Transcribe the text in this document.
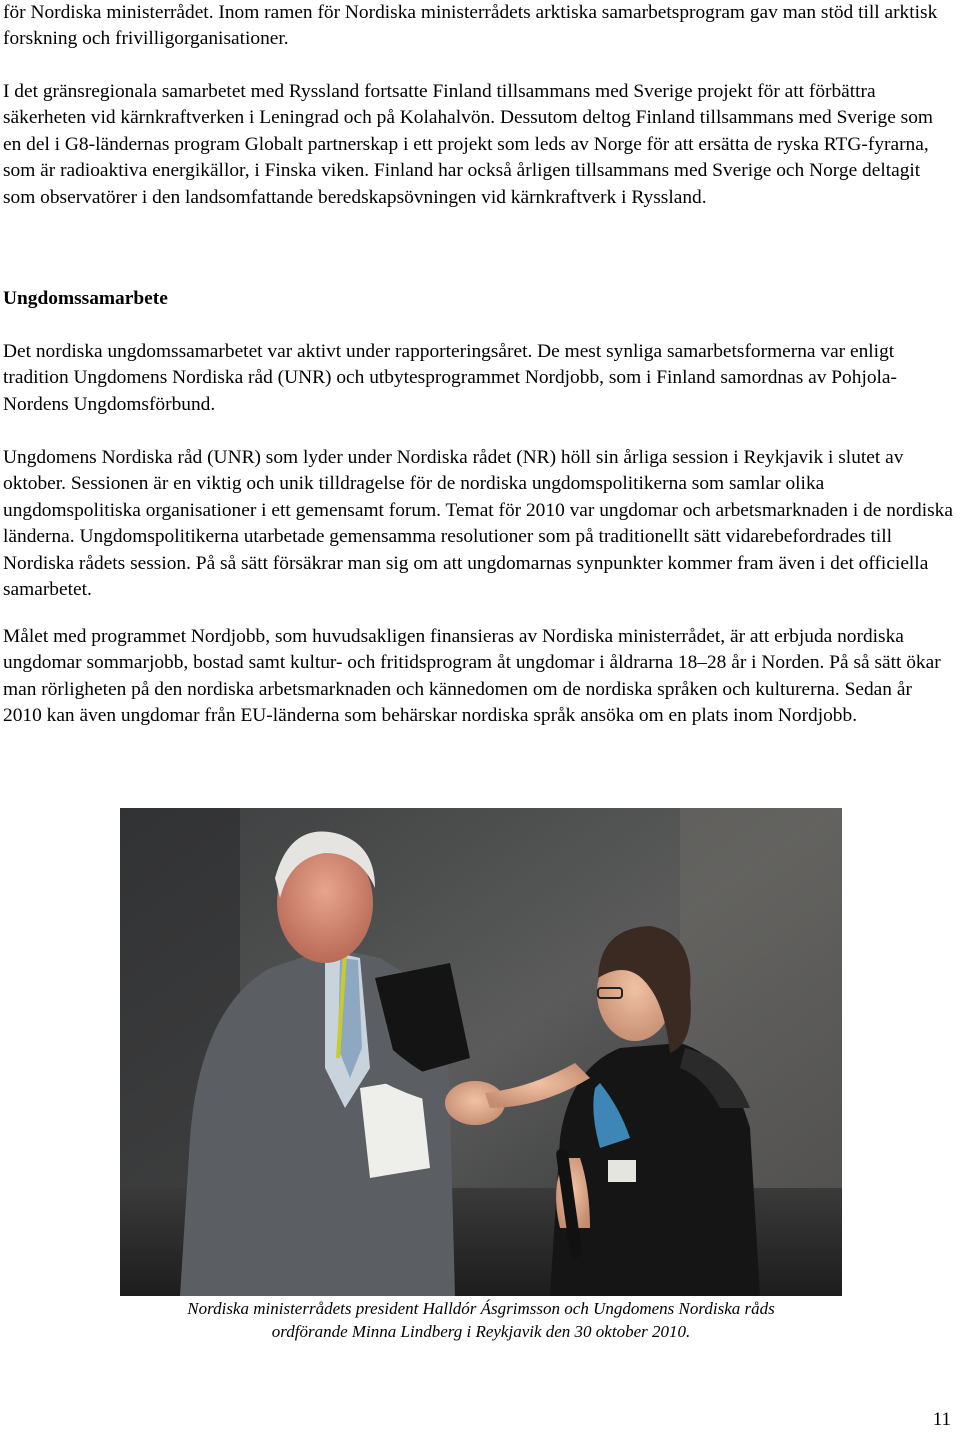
för Nordiska ministerrådet. Inom ramen för Nordiska ministerrådets arktiska samarbetsprogram gav man stöd till arktisk forskning och frivilligorganisationer.

I det gränsregionala samarbetet med Ryssland fortsatte Finland tillsammans med Sverige projekt för att förbättra säkerheten vid kärnkraftverken i Leningrad och på Kolahalvön. Dessutom deltog Finland tillsammans med Sverige som en del i G8-ländernas program Globalt partnerskap i ett projekt som leds av Norge för att ersätta de ryska RTG-fyrarna, som är radioaktiva energikällor, i Finska viken. Finland har också årligen tillsammans med Sverige och Norge deltagit som observatörer i den landsomfattande beredskapsövningen vid kärnkraftverk i Ryssland.

Ungdomssamarbete

Det nordiska ungdomssamarbetet var aktivt under rapporteringsåret. De mest synliga samarbetsformerna var enligt tradition Ungdomens Nordiska råd (UNR) och utbytesprogrammet Nordjobb, som i Finland samordnas av Pohjola-Nordens Ungdomsförbund.

Ungdomens Nordiska råd (UNR) som lyder under Nordiska rådet (NR) höll sin årliga session i Reykjavik i slutet av oktober. Sessionen är en viktig och unik tilldragelse för de nordiska ungdomspolitikerna som samlar olika ungdomspolitiska organisationer i ett gemensamt forum. Temat för 2010 var ungdomar och arbetsmarknaden i de nordiska länderna. Ungdomspolitikerna utarbetade gemensamma resolutioner som på traditionellt sätt vidarebefordrades till Nordiska rådets session. På så sätt försäkrar man sig om att ungdomarnas synpunkter kommer fram även i det officiella samarbetet.

Målet med programmet Nordjobb, som huvudsakligen finansieras av Nordiska ministerrådet, är att erbjuda nordiska ungdomar sommarjobb, bostad samt kultur- och fritidsprogram åt ungdomar i åldrarna 18–28 år i Norden. På så sätt ökar man rörligheten på den nordiska arbetsmarknaden och kännedomen om de nordiska språken och kulturerna. Sedan år 2010 kan även ungdomar från EU-länderna som behärskar nordiska språk ansöka om en plats inom Nordjobb.

Nordiska ministerrådets president Halldór Ásgrimsson och Ungdomens Nordiska råds
ordförande Minna Lindberg i Reykjavik den 30 oktober 2010.
11
